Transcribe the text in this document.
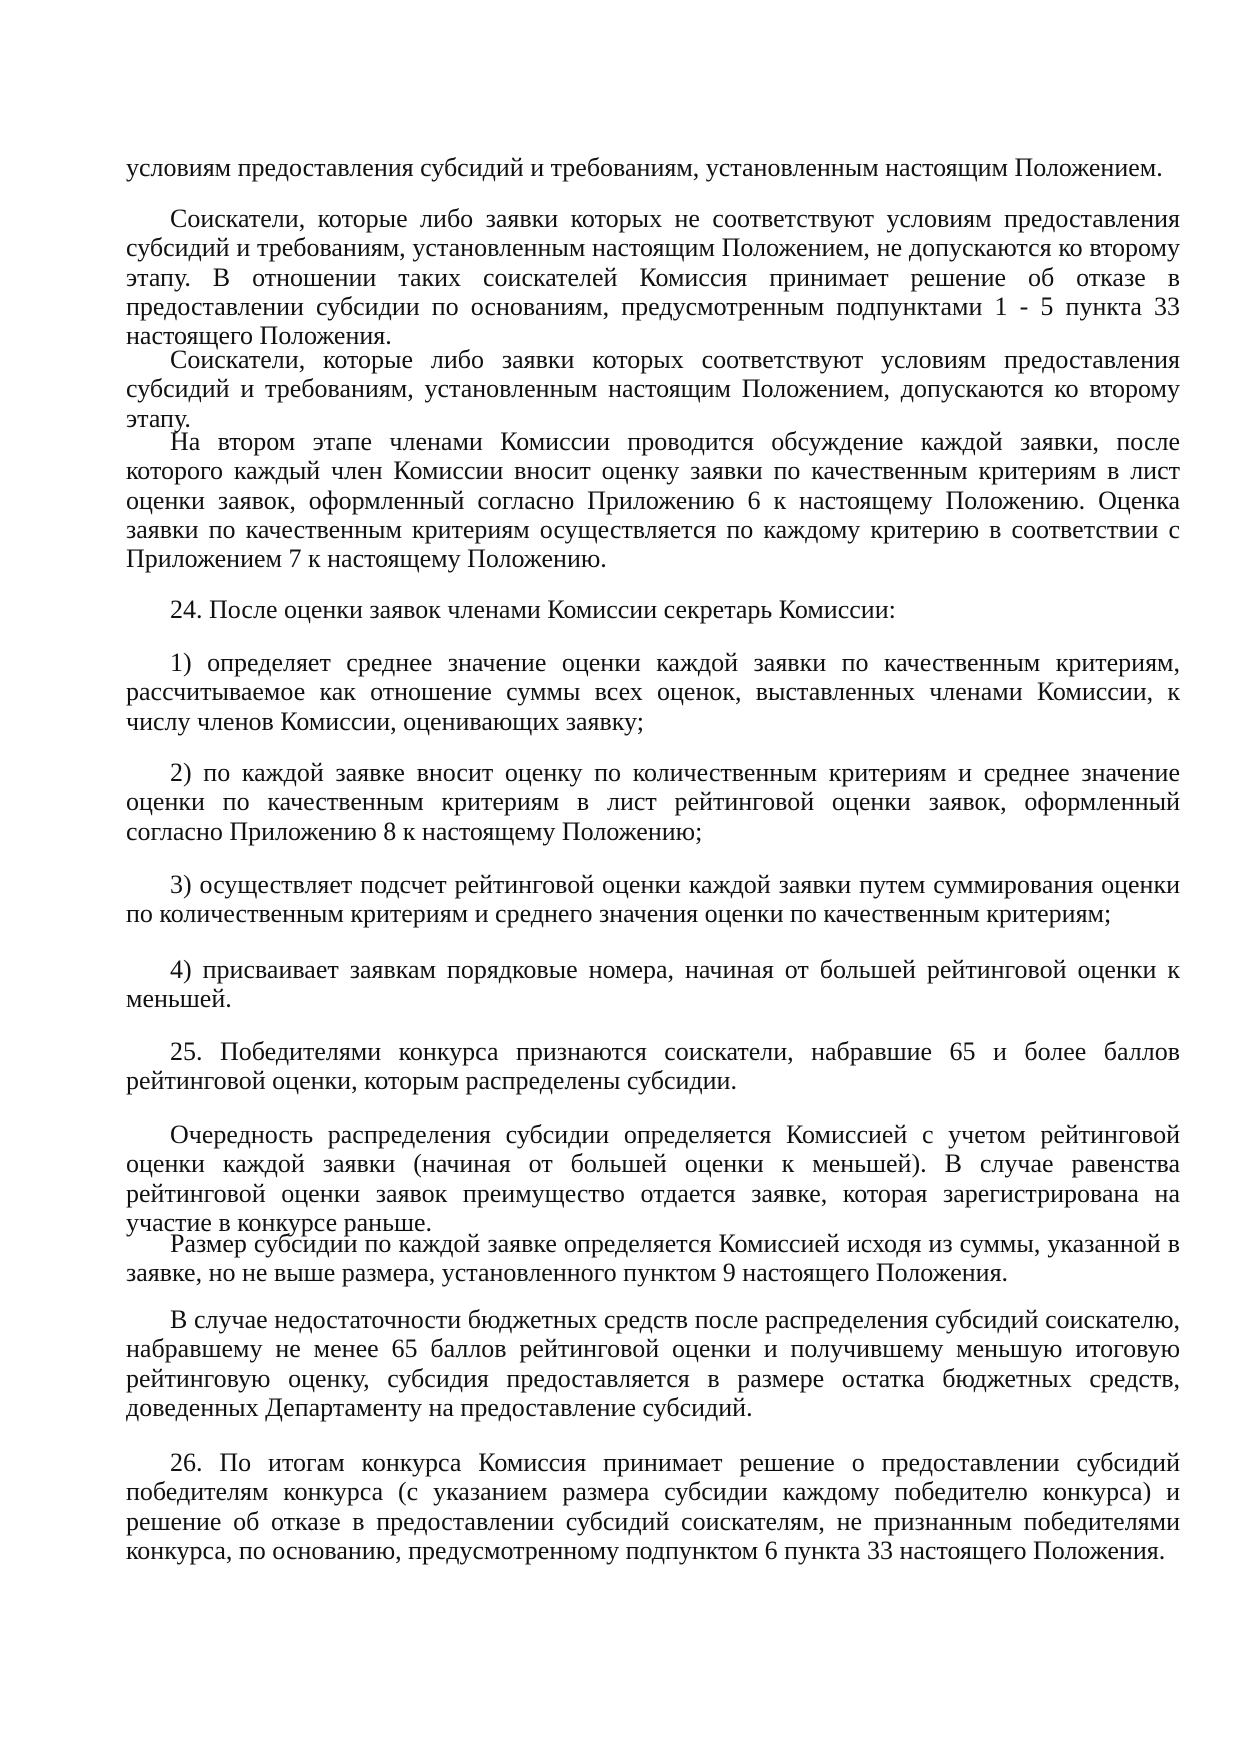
условиям предоставления субсидий и требованиям, установленным настоящим Положением.

Соискатели, которые либо заявки которых не соответствуют условиям предоставления субсидий и требованиям, установленным настоящим Положением, не допускаются ко второму этапу. В отношении таких соискателей Комиссия принимает решение об отказе в предоставлении субсидии по основаниям, предусмотренным подпунктами 1 - 5 пункта 33 настоящего Положения.

Соискатели, которые либо заявки которых соответствуют условиям предоставления субсидий и требованиям, установленным настоящим Положением, допускаются ко второму этапу.

На втором этапе членами Комиссии проводится обсуждение каждой заявки, после которого каждый член Комиссии вносит оценку заявки по качественным критериям в лист оценки заявок, оформленный согласно Приложению 6 к настоящему Положению. Оценка заявки по качественным критериям осуществляется по каждому критерию в соответствии с Приложением 7 к настоящему Положению.

24. После оценки заявок членами Комиссии секретарь Комиссии:

1) определяет среднее значение оценки каждой заявки по качественным критериям, рассчитываемое как отношение суммы всех оценок, выставленных членами Комиссии, к числу членов Комиссии, оценивающих заявку;

2) по каждой заявке вносит оценку по количественным критериям и среднее значение оценки по качественным критериям в лист рейтинговой оценки заявок, оформленный согласно Приложению 8 к настоящему Положению;

3) осуществляет подсчет рейтинговой оценки каждой заявки путем суммирования оценки по количественным критериям и среднего значения оценки по качественным критериям;

4) присваивает заявкам порядковые номера, начиная от большей рейтинговой оценки к меньшей.

25. Победителями конкурса признаются соискатели, набравшие 65 и более баллов рейтинговой оценки, которым распределены субсидии.

Очередность распределения субсидии определяется Комиссией с учетом рейтинговой оценки каждой заявки (начиная от большей оценки к меньшей). В случае равенства рейтинговой оценки заявок преимущество отдается заявке, которая зарегистрирована на участие в конкурсе раньше.

Размер субсидии по каждой заявке определяется Комиссией исходя из суммы, указанной в заявке, но не выше размера, установленного пунктом 9 настоящего Положения.

В случае недостаточности бюджетных средств после распределения субсидий соискателю, набравшему не менее 65 баллов рейтинговой оценки и получившему меньшую итоговую рейтинговую оценку, субсидия предоставляется в размере остатка бюджетных средств, доведенных Департаменту на предоставление субсидий.

26. По итогам конкурса Комиссия принимает решение о предоставлении субсидий победителям конкурса (с указанием размера субсидии каждому победителю конкурса) и решение об отказе в предоставлении субсидий соискателям, не признанным победителями конкурса, по основанию, предусмотренному подпунктом 6 пункта 33 настоящего Положения.
